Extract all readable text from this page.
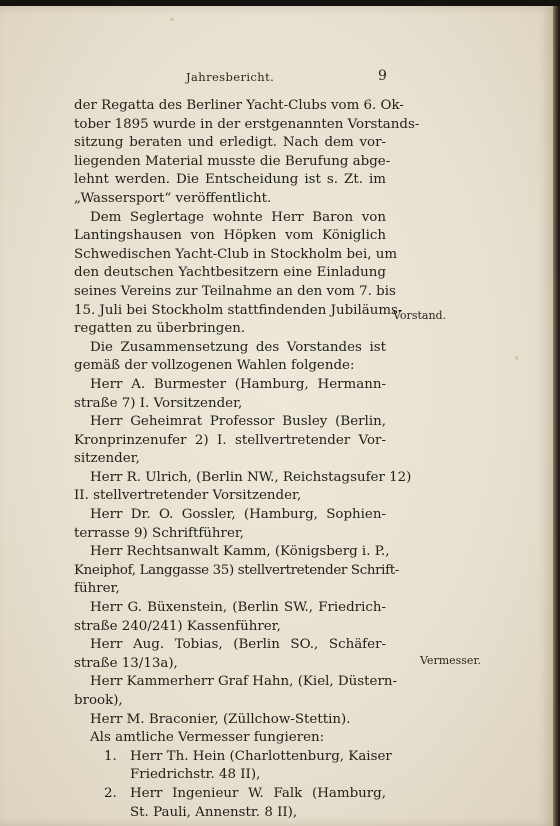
Jahresbericht.	9
der Regatta des Berliner Yacht-Clubs vom 6. Ok-
tober 1895 wurde in der erstgenannten Vorstands-
sitzung beraten und erledigt. Nach dem vor-
liegenden Material musste die Berufung abge-
lehnt werden. Die Entscheidung ist s. Zt. im
„Wassersport“ veröffentlicht.
Dem Seglertage wohnte Herr Baron von
Lantingshausen von Höpken vom Königlich
Schwedischen Yacht-Club in Stockholm bei, um
den deutschen Yachtbesitzern eine Einladung
seines Vereins zur Teilnahme an den vom 7. bis
15. Juli bei Stockholm stattfindenden Jubiläums-
regatten zu überbringen.
Die Zusammensetzung des Vorstandes ist
gemäß der vollzogenen Wahlen folgende:
Herr A. Burmester (Hamburg, Hermann-
straße 7) I. Vorsitzender,
Herr Geheimrat Professor Busley (Berlin,
Kronprinzenufer 2) I. stellvertretender Vor-
sitzender,
Herr R. Ulrich, (Berlin NW., Reichstagsufer 12)
II. stellvertretender Vorsitzender,
Herr Dr. O. Gossler, (Hamburg, Sophien-
terrasse 9) Schriftführer,
Herr Rechtsanwalt Kamm, (Königsberg i. P.,
Kneiphof, Langgasse 35) stellvertretender Schrift-
führer,
Herr G. Büxenstein, (Berlin SW., Friedrich-
straße 240/241) Kassenführer,
Herr Aug. Tobias, (Berlin SO., Schäfer-
straße 13/13a),
Herr Kammerherr Graf Hahn, (Kiel, Düstern-
brook),
Herr M. Braconier, (Züllchow-Stettin).
Als amtliche Vermesser fungieren:
1. Herr Th. Hein (Charlottenburg, Kaiser
Friedrichstr. 48 II),
2. Herr Ingenieur W. Falk (Hamburg,
St. Pauli, Annenstr. 8 II),
Vorstand.
Vermesser.
